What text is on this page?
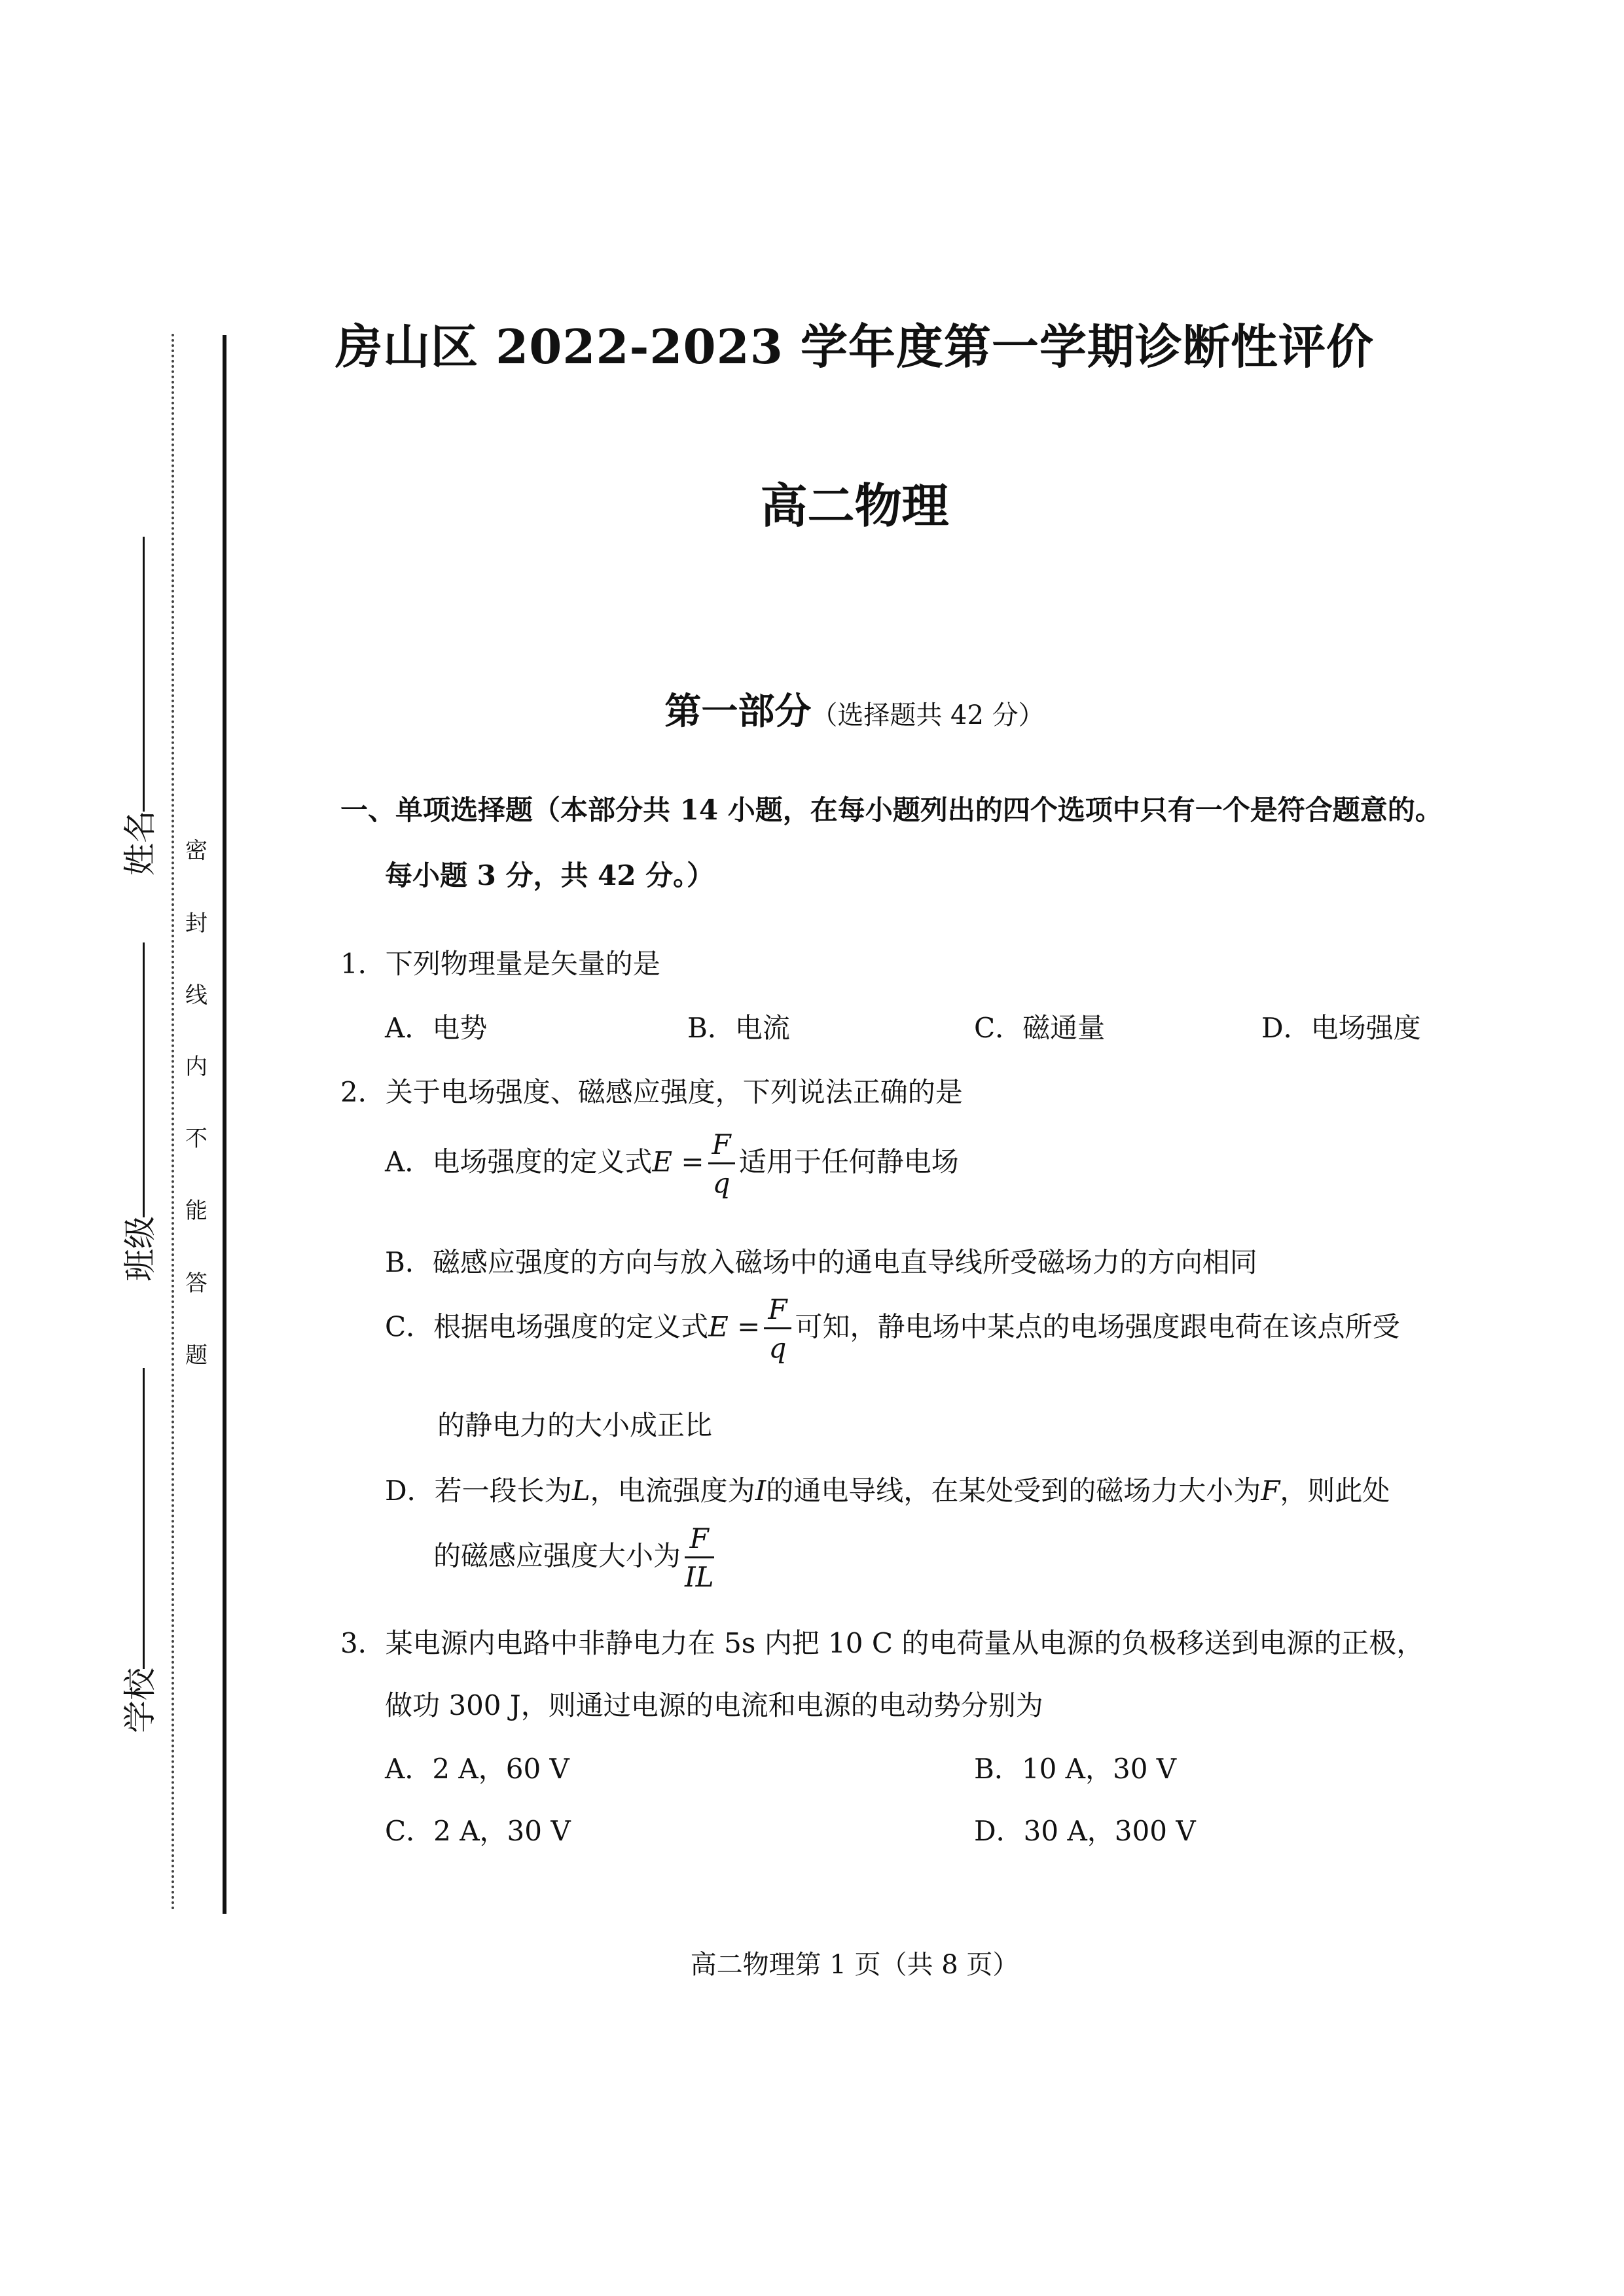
姓名
班级
学校
密
封
线
内
不
能
答
题
房山区 2022-2023 学年度第一学期诊断性评价
高二物理
第一部分（选择题共 42 分）
一、单项选择题（本部分共 14 小题，在每小题列出的四个选项中只有一个是符合题意的。
每小题 3 分，共 42 分。）
1．下列物理量是矢量的是
A．电势	B．电流	C．磁通量	D．电场强度
2．关于电场强度、磁感应强度，下列说法正确的是
A．电场强度的定义式$E = \frac{F}{q}$ 适用于任何静电场
B．磁感应强度的方向与放入磁场中的通电直导线所受磁场力的方向相同
C．根据电场强度的定义式$E = \frac{F}{q}$ 可知，静电场中某点的电场强度跟电荷在该点所受
的静电力的大小成正比
D．若一段长为L，电流强度为I的通电导线，在某处受到的磁场力大小为F，则此处
的磁感应强度大小为 $\frac{F}{IL}$
3．某电源内电路中非静电力在 5s 内把 10 C 的电荷量从电源的负极移送到电源的正极，
做功 300 J，则通过电源的电流和电源的电动势分别为
A．2 A，60 V	B．10 A，30 V
C．2 A，30 V	D．30 A，300 V
高二物理第 1 页（共 8 页）
